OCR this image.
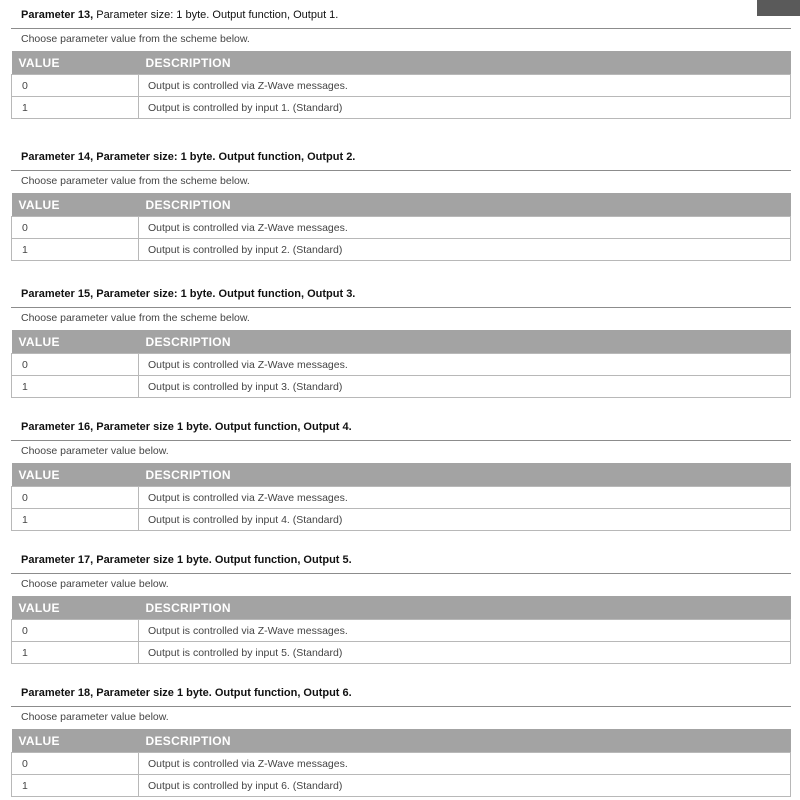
Parameter 13, Parameter size: 1 byte. Output function, Output 1.
Choose parameter value from the scheme below.
VALUE	DESCRIPTION
0	Output is controlled via Z-Wave messages.
1	Output is controlled by input 1. (Standard)
Parameter 14, Parameter size: 1 byte. Output function, Output 2.
Choose parameter value from the scheme below.
VALUE	DESCRIPTION
0	Output is controlled via Z-Wave messages.
1	Output is controlled by input 2. (Standard)
Parameter 15, Parameter size: 1 byte. Output function, Output 3.
Choose parameter value from the scheme below.
VALUE	DESCRIPTION
0	Output is controlled via Z-Wave messages.
1	Output is controlled by input 3. (Standard)
Parameter 16, Parameter size 1 byte. Output function, Output 4.
Choose parameter value below.
VALUE	DESCRIPTION
0	Output is controlled via Z-Wave messages.
1	Output is controlled by input 4. (Standard)
Parameter 17, Parameter size 1 byte. Output function, Output 5.
Choose parameter value below.
VALUE	DESCRIPTION
0	Output is controlled via Z-Wave messages.
1	Output is controlled by input 5. (Standard)
Parameter 18, Parameter size 1 byte. Output function, Output 6.
Choose parameter value below.
VALUE	DESCRIPTION
0	Output is controlled via Z-Wave messages.
1	Output is controlled by input 6. (Standard)
